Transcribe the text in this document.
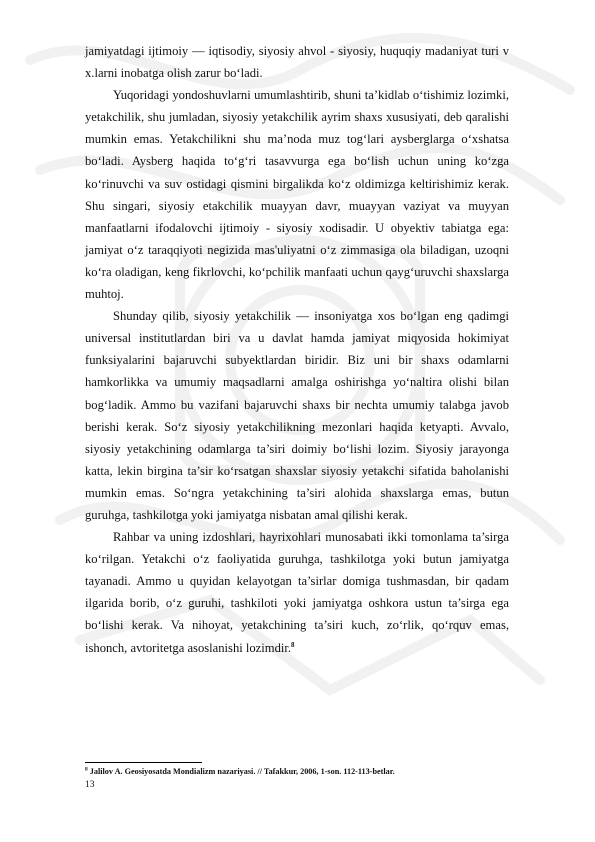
jamiyatdagi ijtimoiy — iqtisodiy, siyosiy ahvol - siyosiy, huquqiy madaniyat turi v x.larni inobatga olish zarur bo‘ladi.

Yuqoridagi yondoshuvlarni umumlashtirib, shuni ta’kidlab o‘tishimiz lozimki, yetakchilik, shu jumladan, siyosiy yetakchilik ayrim shaxs xususiyati, deb qaralishi mumkin emas. Yetakchilikni shu ma’noda muz tog‘lari aysberglarga o‘xshatsa bo‘ladi. Aysberg haqida to‘g‘ri tasavvurga ega bo‘lish uchun uning ko‘zga ko‘rinuvchi va suv ostidagi qismini birgalikda ko‘z oldimizga keltirishimiz kerak. Shu singari, siyosiy etakchilik muayyan davr, muayyan vaziyat va muyyan manfaatlarni ifodalovchi ijtimoiy - siyosiy xodisadir. U obyektiv tabiatga ega: jamiyat o‘z taraqqiyoti negizida mas'uliyatni o‘z zimmasiga ola biladigan, uzoqni ko‘ra oladigan, keng fikrlovchi, ko‘pchilik manfaati uchun qayg‘uruvchi shaxslarga muhtoj.

Shunday qilib, siyosiy yetakchilik — insoniyatga xos bo‘lgan eng qadimgi universal institutlardan biri va u davlat hamda jamiyat miqyosida hokimiyat funksiyalarini bajaruvchi subyektlardan biridir. Biz uni bir shaxs odamlarni hamkorlikka va umumiy maqsadlarni amalga oshirishga yo‘naltira olishi bilan bog‘ladik. Ammo bu vazifani bajaruvchi shaxs bir nechta umumiy talabga javob berishi kerak. So‘z siyosiy yetakchilikning mezonlari haqida ketyapti. Avvalo, siyosiy yetakchining odamlarga ta’siri doimiy bo‘lishi lozim. Siyosiy jarayonga katta, lekin birgina ta’sir ko‘rsatgan shaxslar siyosiy yetakchi sifatida baholanishi mumkin emas. So‘ngra yetakchining ta’siri alohida shaxslarga emas, butun guruhga, tashkilotga yoki jamiyatga nisbatan amal qilishi kerak.

Rahbar va uning izdoshlari, hayrixohlari munosabati ikki tomonlama ta’sirga ko‘rilgan. Yetakchi o‘z faoliyatida guruhga, tashkilotga yoki butun jamiyatga tayanadi. Ammo u quyidan kelayotgan ta’sirlar domiga tushmasdan, bir qadam ilgarida borib, o‘z guruhi, tashkiloti yoki jamiyatga oshkora ustun ta’sirga ega bo‘lishi kerak. Va nihoyat, yetakchining ta’siri kuch, zo‘rlik, qo‘rquv emas, ishonch, avtoritetga asoslanishi lozimdir.$^8$

$^8$ Jalilov A. Geosiyosatda Mondializm nazariyasi. // Tafakkur, 2006, 1-son. 112-113-betlar.
13
